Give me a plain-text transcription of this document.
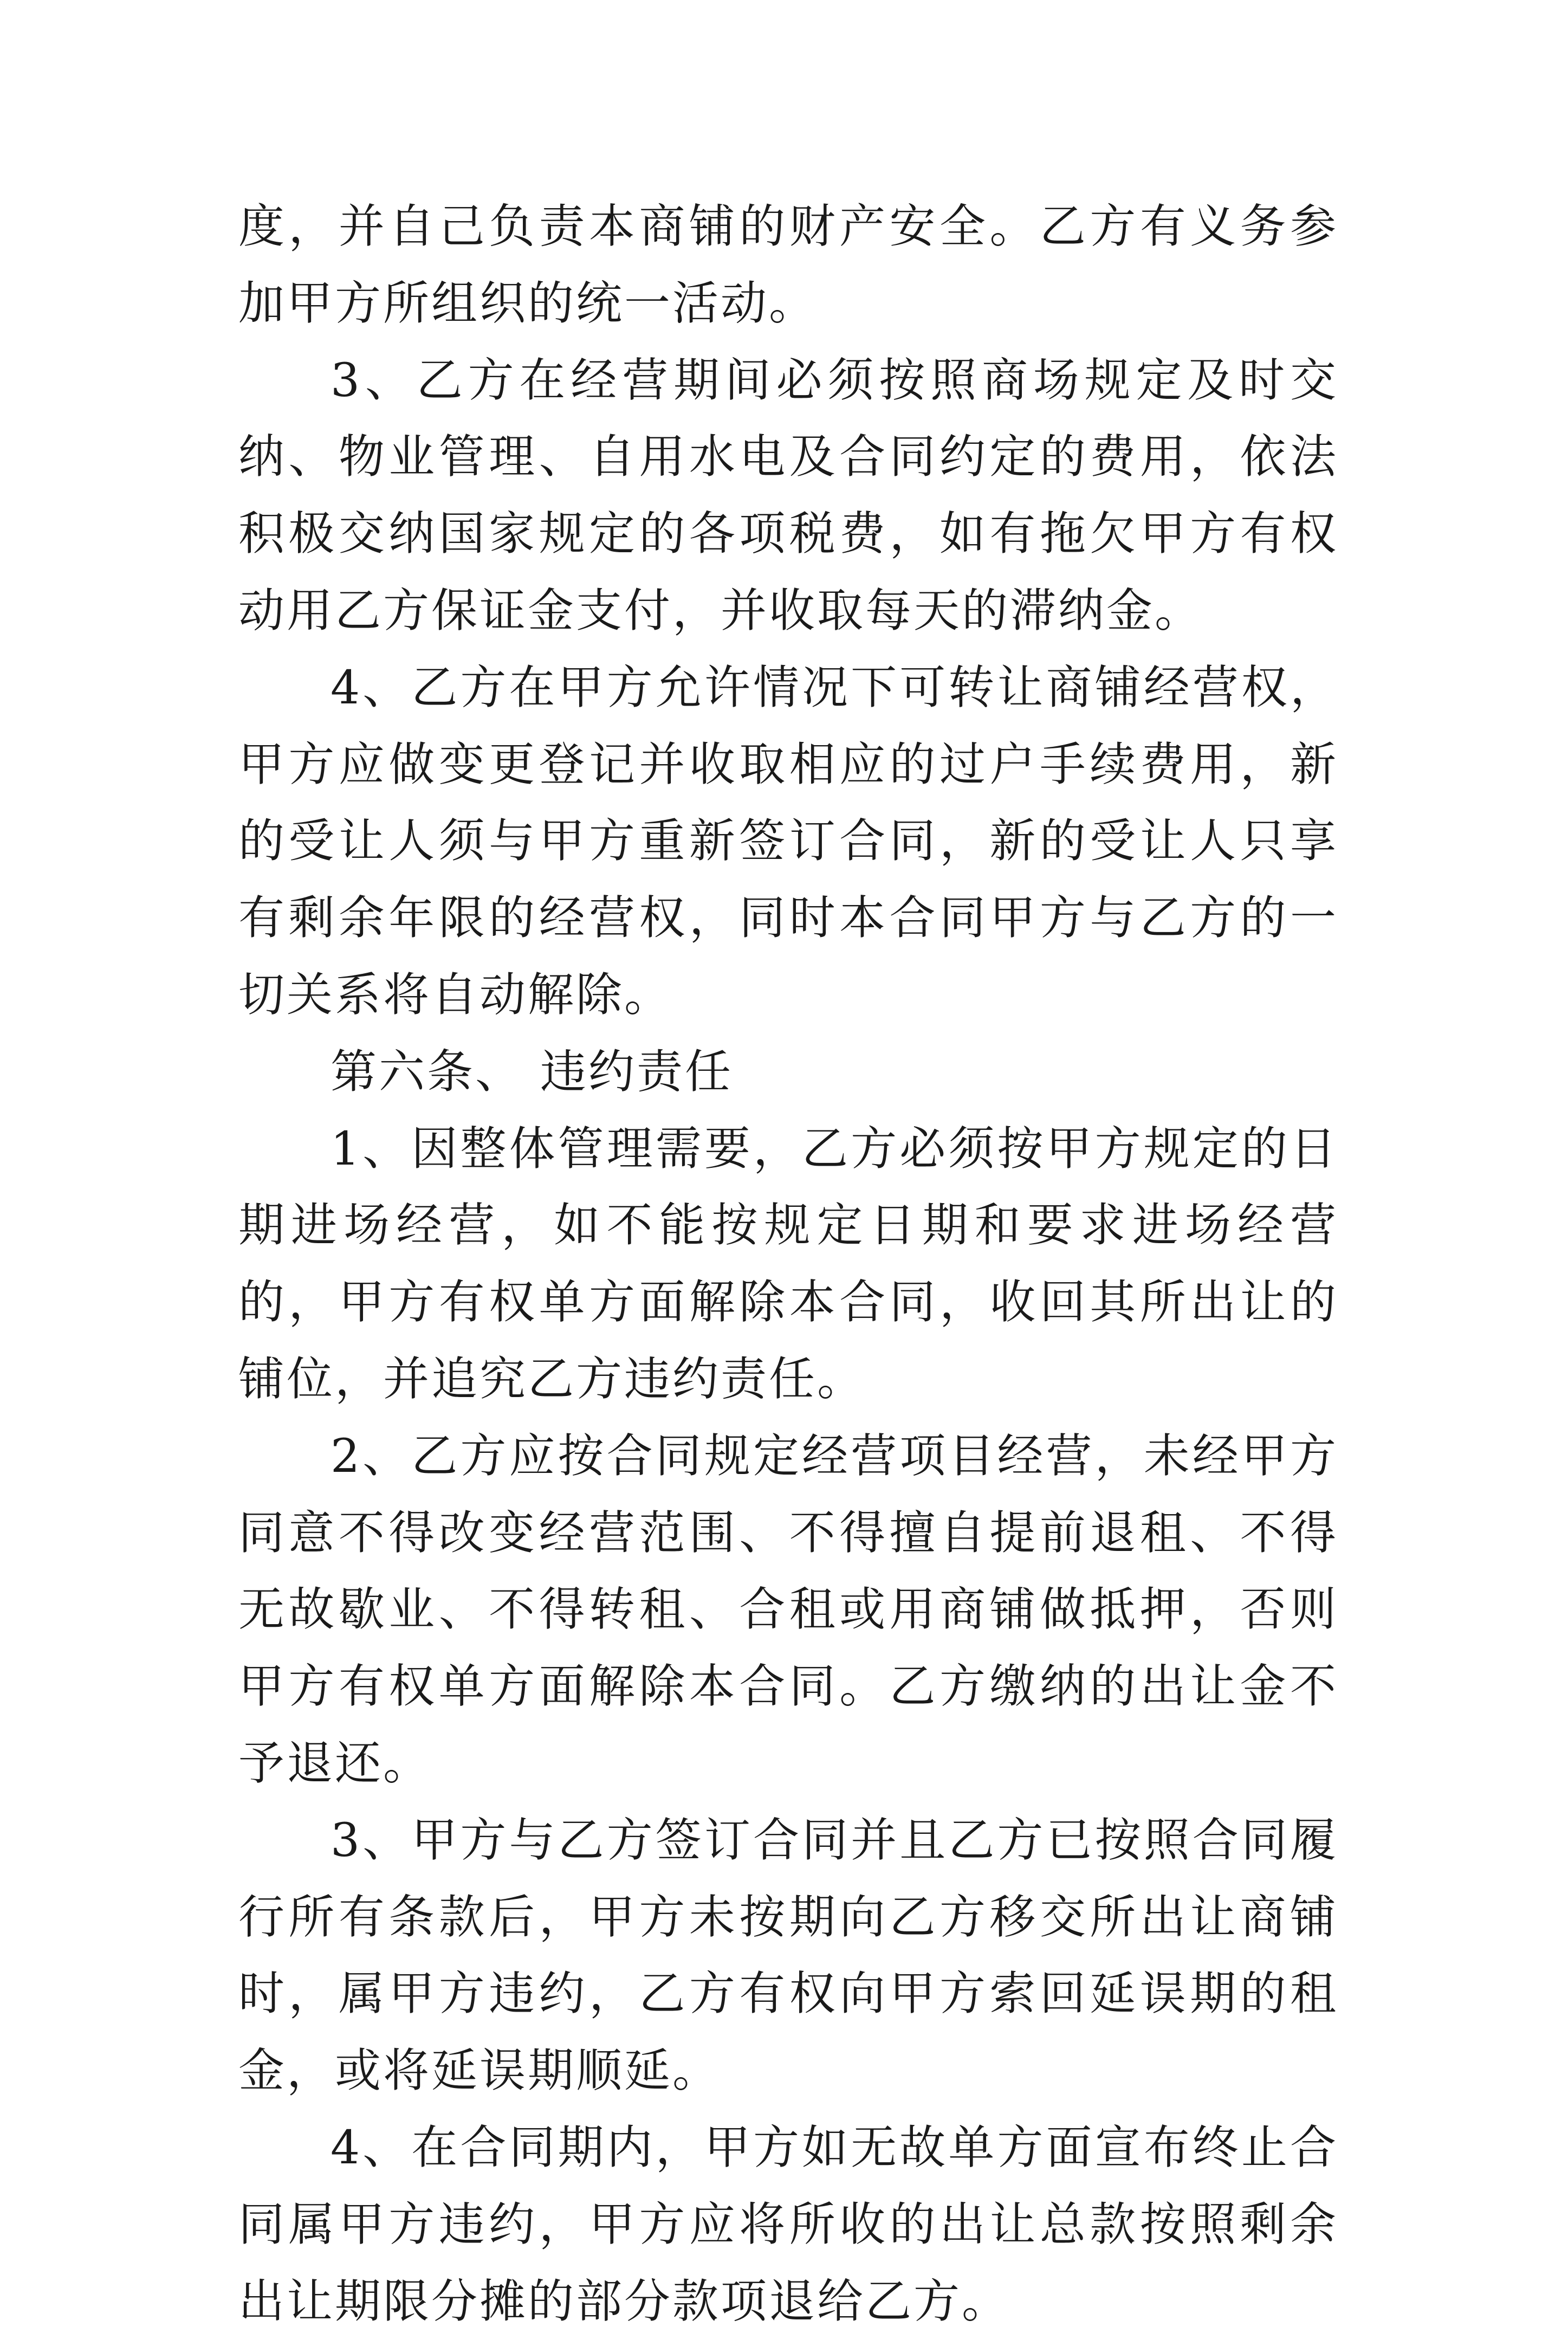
度，并自己负责本商铺的财产安全。乙方有义务参加甲方所组织的统一活动。

3、乙方在经营期间必须按照商场规定及时交纳、物业管理、自用水电及合同约定的费用，依法积极交纳国家规定的各项税费，如有拖欠甲方有权动用乙方保证金支付，并收取每天的滞纳金。

4、乙方在甲方允许情况下可转让商铺经营权，甲方应做变更登记并收取相应的过户手续费用，新的受让人须与甲方重新签订合同，新的受让人只享有剩余年限的经营权，同时本合同甲方与乙方的一切关系将自动解除。

第六条、 违约责任

1、因整体管理需要，乙方必须按甲方规定的日期进场经营，如不能按规定日期和要求进场经营的，甲方有权单方面解除本合同，收回其所出让的铺位，并追究乙方违约责任。

2、乙方应按合同规定经营项目经营，未经甲方同意不得改变经营范围、不得擅自提前退租、不得无故歇业、不得转租、合租或用商铺做抵押，否则甲方有权单方面解除本合同。乙方缴纳的出让金不予退还。

3、甲方与乙方签订合同并且乙方已按照合同履行所有条款后，甲方未按期向乙方移交所出让商铺时，属甲方违约，乙方有权向甲方索回延误期的租金，或将延误期顺延。

4、在合同期内，甲方如无故单方面宣布终止合同属甲方违约，甲方应将所收的出让总款按照剩余出让期限分摊的部分款项退给乙方。
